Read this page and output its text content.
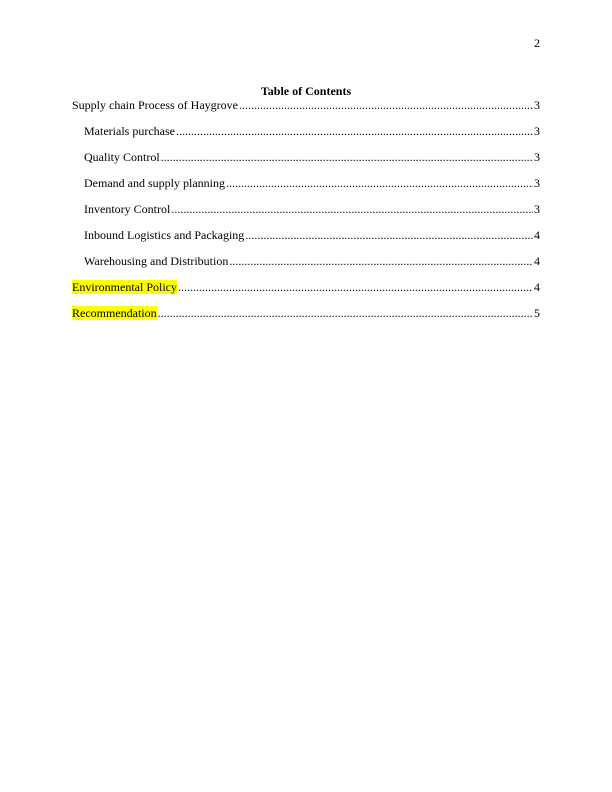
2
Table of Contents
Supply chain Process of Haygrove .....	3
Materials purchase .....	3
Quality Control .....	3
Demand and supply planning .....	3
Inventory Control .....	3
Inbound Logistics and Packaging .....	4
Warehousing and Distribution .....	4
Environmental Policy .....	4
Recommendation .....	5
